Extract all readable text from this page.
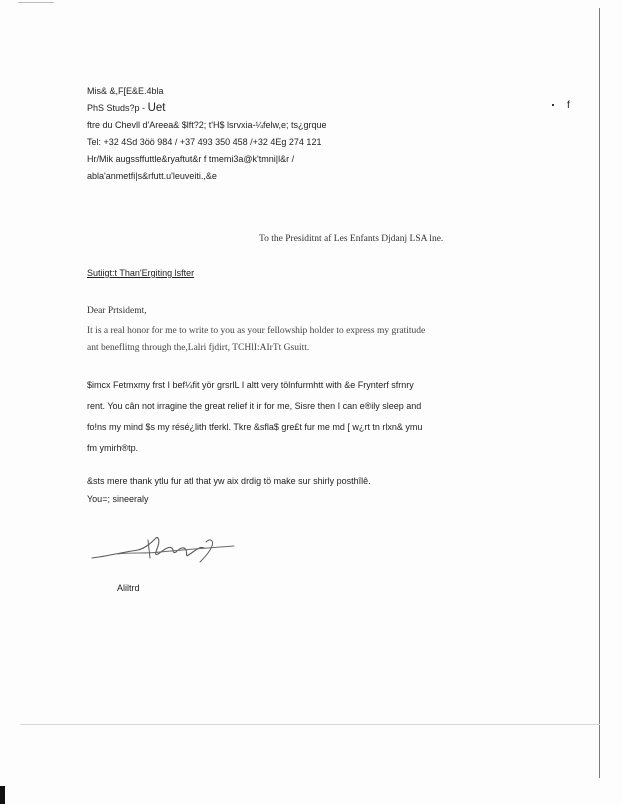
f
Mis& &,F[E&E.4bla
PhS Studs?p - Uet
ftre du Chevll d'Areea& $lft?2; t'H$ lsrvxia-¼felw,e; ts¿grque
Tel: +32 4Sd 3öö 984 / +37 493 350 458 /+32 4Eg 274 121
Hr/Mik augssffuttle&ryaftut&r f tmemi3a@k'tmni|l&r /
abla'anmetfi|s&rfutt.u'leuveiti.,&e
To the Presiditnt af Les Enfants Djdanj LSA lne.
Sutiigt:t Than'Ergiting lsfter
Dear Prtsidemt,
It is a real honor for me to write to you as your fellowship holder to express my gratitude
ant beneflitng through the,Lalri fjdirt, TCHlI:AIrTt Gsuitt.
$imcx Fetmxmy frst I bef¼fit yör grsrlL I altt very tölnfurmhtt with &e Frynterf sfrnry
rent. You cân not irragine the great relief it ir for me, Sisre then I can e®ily sleep and
fo!ns my mind $s my résé¿lith tferkl. Tkre &sfla$ gre£t fur me md [ w¿rt tn rlxn& ymu
fm ymirh®tp.
&sts mere thank ytlu fur atl that yw aix drdig tö make sur shirly posthîlê.
You=; sineeraly
Aliltrd
